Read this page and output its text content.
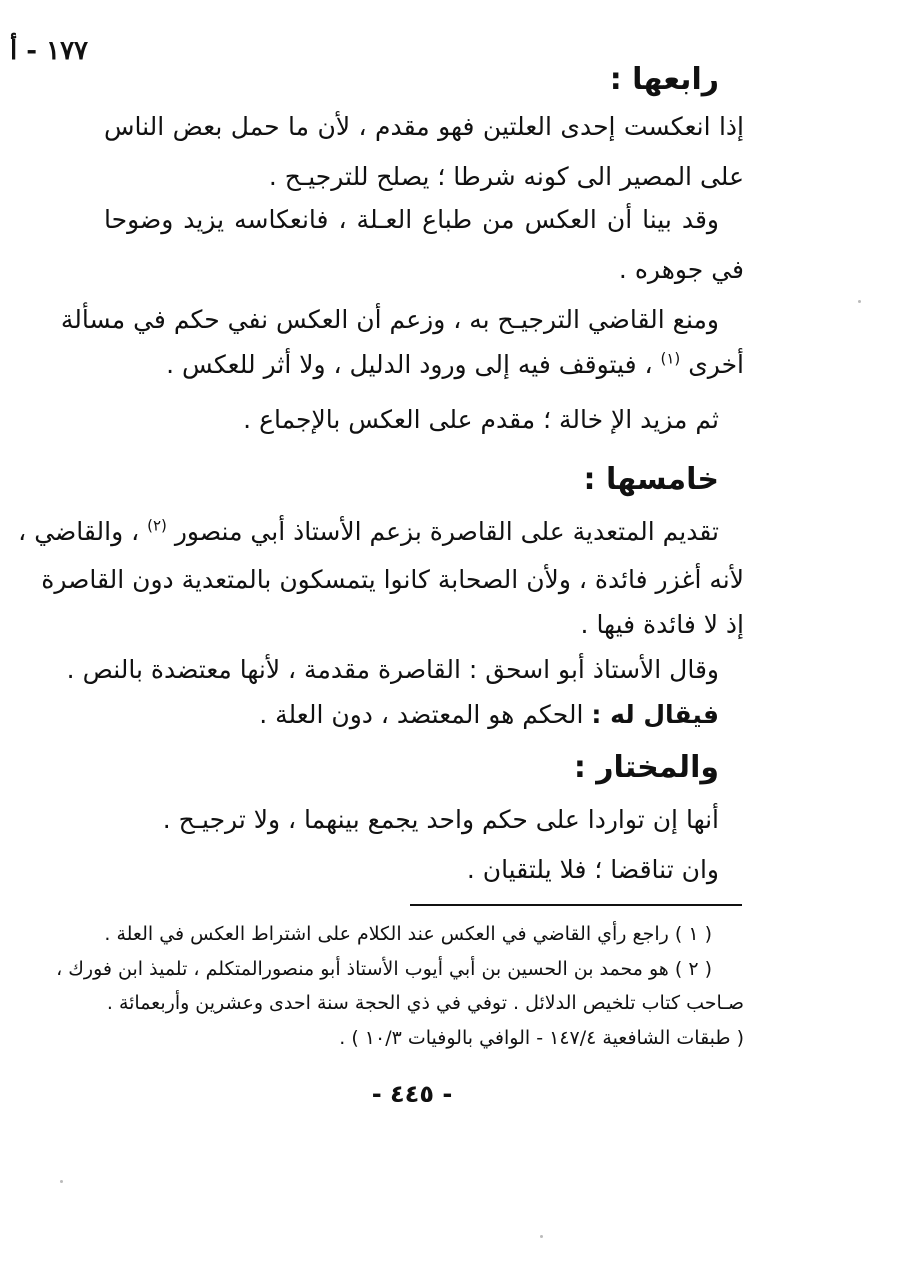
١٧٧ - أ
رابعها :
إذا انعكست إحدى العلتين فهو مقدم ، لأن ما حمل بعض الناس
على المصير الى كونه شرطا ؛ يصلح للترجيـح .
وقد بينا أن العكس من طباع العـلة ، فانعكاسه يزيد وضوحا
في جوهره .
ومنع القاضي الترجيـح به ، وزعم أن العكس نفي حكم في مسألة
أخرى $^{(١)}$ ، فيتوقف فيه إلى ورود الدليل ، ولا أثر للعكس .
ثم مزيد الإ خالة ؛ مقدم على العكس بالإجماع .
خامسها :
تقديم المتعدية على القاصرة بزعم الأستاذ أبي منصور $^{(٢)}$ ، والقاضي ،
لأنه أغزر فائدة ، ولأن الصحابة كانوا يتمسكون بالمتعدية دون القاصرة
إذ لا فائدة فيها .
وقال الأستاذ أبو اسحق : القاصرة مقدمة ، لأنها معتضدة بالنص .
فيقال له : الحكم هو المعتضد ، دون العلة .
والمختار :
أنها إن تواردا على حكم واحد يجمع بينهما ، ولا ترجيـح .
وان تناقضا ؛ فلا يلتقيان .
( ١ ) راجع رأي القاضي في العكس عند الكلام على اشتراط العكس في العلة .
( ٢ ) هو محمد بن الحسين بن أبي أيوب الأستاذ أبو منصورالمتكلم ، تلميذ ابن فورك ،
صـاحب كتاب تلخيص الدلائل . توفي في ذي الحجة سنة احدى وعشرين وأربعمائة .
( طبقات الشافعية ١٤٧/٤ - الوافي بالوفيات ١٠/٣ ) .
- ٤٤٥ -
